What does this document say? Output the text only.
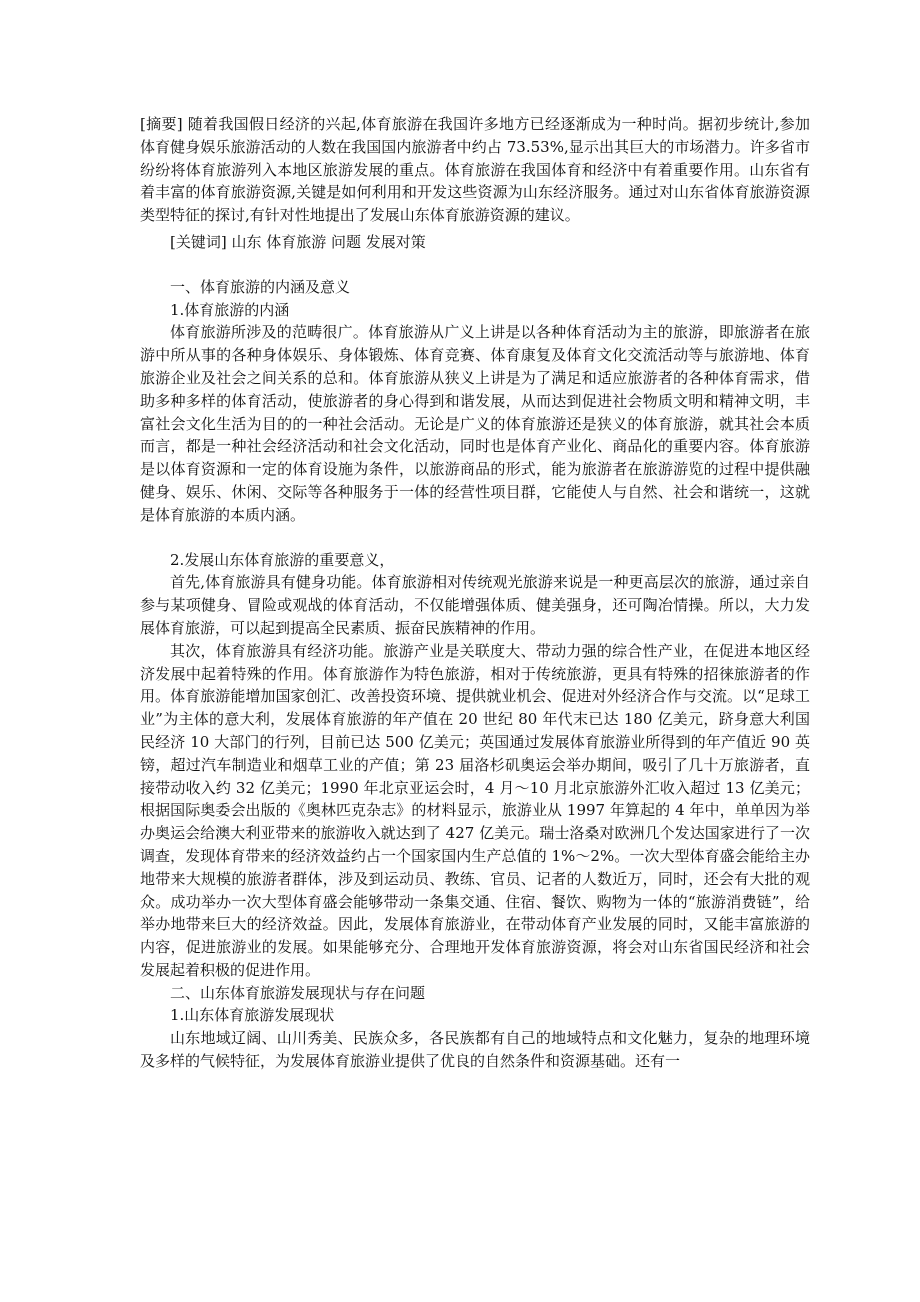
[摘要] 随着我国假日经济的兴起,体育旅游在我国许多地方已经逐渐成为一种时尚。据初步统计,参加体育健身娱乐旅游活动的人数在我国国内旅游者中约占 73.53%,显示出其巨大的市场潜力。许多省市纷纷将体育旅游列入本地区旅游发展的重点。体育旅游在我国体育和经济中有着重要作用。山东省有着丰富的体育旅游资源,关键是如何利用和开发这些资源为山东经济服务。通过对山东省体育旅游资源类型特征的探讨,有针对性地提出了发展山东体育旅游资源的建议。

[关键词] 山东 体育旅游 问题 发展对策

一、体育旅游的内涵及意义

1.体育旅游的内涵

体育旅游所涉及的范畴很广。体育旅游从广义上讲是以各种体育活动为主的旅游，即旅游者在旅游中所从事的各种身体娱乐、身体锻炼、体育竞赛、体育康复及体育文化交流活动等与旅游地、体育旅游企业及社会之间关系的总和。体育旅游从狭义上讲是为了满足和适应旅游者的各种体育需求，借助多种多样的体育活动，使旅游者的身心得到和谐发展，从而达到促进社会物质文明和精神文明，丰富社会文化生活为目的的一种社会活动。无论是广义的体育旅游还是狭义的体育旅游，就其社会本质而言，都是一种社会经济活动和社会文化活动，同时也是体育产业化、商品化的重要内容。体育旅游是以体育资源和一定的体育设施为条件，以旅游商品的形式，能为旅游者在旅游游览的过程中提供融健身、娱乐、休闲、交际等各种服务于一体的经营性项目群，它能使人与自然、社会和谐统一，这就是体育旅游的本质内涵。

2.发展山东体育旅游的重要意义，

首先,体育旅游具有健身功能。体育旅游相对传统观光旅游来说是一种更高层次的旅游，通过亲自参与某项健身、冒险或观战的体育活动，不仅能增强体质、健美强身，还可陶冶情操。所以，大力发展体育旅游，可以起到提高全民素质、振奋民族精神的作用。

其次，体育旅游具有经济功能。旅游产业是关联度大、带动力强的综合性产业，在促进本地区经济发展中起着特殊的作用。体育旅游作为特色旅游，相对于传统旅游，更具有特殊的招徕旅游者的作用。体育旅游能增加国家创汇、改善投资环境、提供就业机会、促进对外经济合作与交流。以“足球工业”为主体的意大利，发展体育旅游的年产值在 20 世纪 80 年代末已达 180 亿美元，跻身意大利国民经济 10 大部门的行列，目前已达 500 亿美元；英国通过发展体育旅游业所得到的年产值近 90 英镑，超过汽车制造业和烟草工业的产值；第 23 届洛杉矶奥运会举办期间，吸引了几十万旅游者，直接带动收入约 32 亿美元；1990 年北京亚运会时，4 月～10 月北京旅游外汇收入超过 13 亿美元；根据国际奥委会出版的《奥林匹克杂志》的材料显示，旅游业从 1997 年算起的 4 年中，单单因为举办奥运会给澳大利亚带来的旅游收入就达到了 427 亿美元。瑞士洛桑对欧洲几个发达国家进行了一次调查，发现体育带来的经济效益约占一个国家国内生产总值的 1%～2%。一次大型体育盛会能给主办地带来大规模的旅游者群体，涉及到运动员、教练、官员、记者的人数近万，同时，还会有大批的观众。成功举办一次大型体育盛会能够带动一条集交通、住宿、餐饮、购物为一体的“旅游消费链”，给举办地带来巨大的经济效益。因此，发展体育旅游业，在带动体育产业发展的同时，又能丰富旅游的内容，促进旅游业的发展。如果能够充分、合理地开发体育旅游资源，将会对山东省国民经济和社会发展起着积极的促进作用。

二、山东体育旅游发展现状与存在问题

1.山东体育旅游发展现状

山东地域辽阔、山川秀美、民族众多，各民族都有自己的地域特点和文化魅力，复杂的地理环境及多样的气候特征，为发展体育旅游业提供了优良的自然条件和资源基础。还有一
